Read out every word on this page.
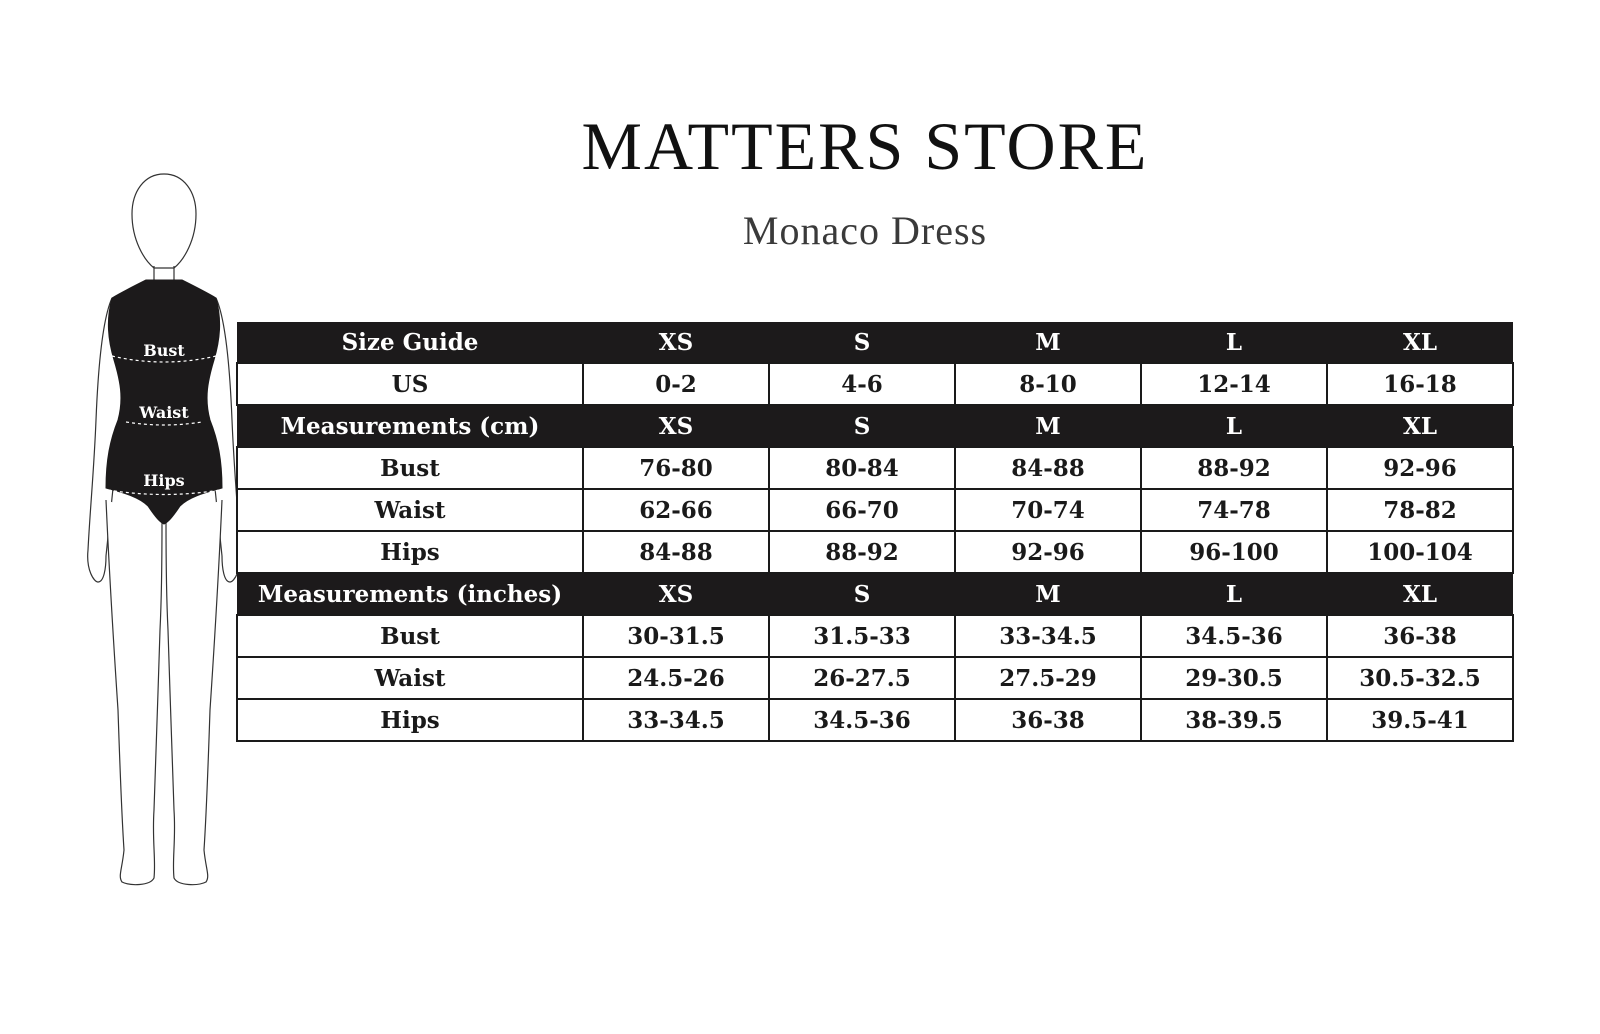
MATTERS STORE
Monaco Dress
Bust
Waist
Hips
Size Guide	XS	S	M	L	XL
US	0-2	4-6	8-10	12-14	16-18
Measurements (cm)	XS	S	M	L	XL
Bust	76-80	80-84	84-88	88-92	92-96
Waist	62-66	66-70	70-74	74-78	78-82
Hips	84-88	88-92	92-96	96-100	100-104
Measurements (inches)	XS	S	M	L	XL
Bust	30-31.5	31.5-33	33-34.5	34.5-36	36-38
Waist	24.5-26	26-27.5	27.5-29	29-30.5	30.5-32.5
Hips	33-34.5	34.5-36	36-38	38-39.5	39.5-41
